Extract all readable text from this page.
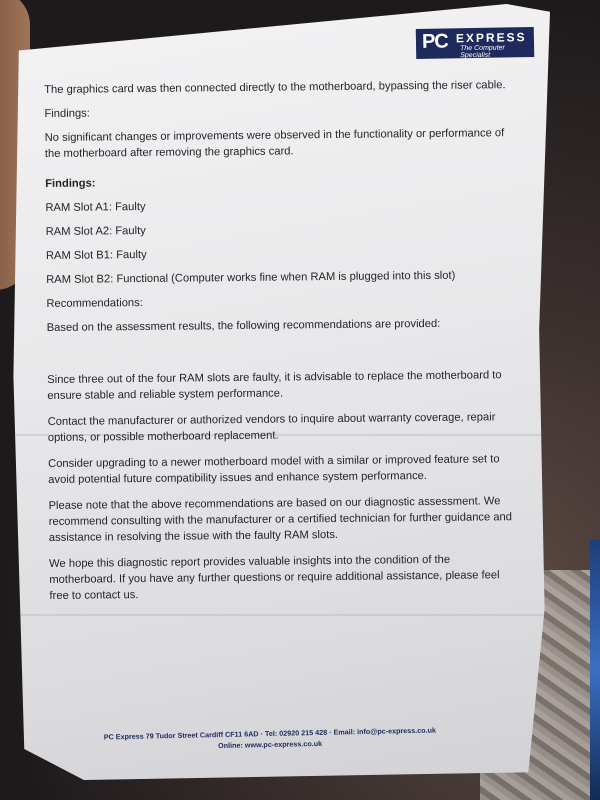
PC EXPRESS
The Computer Specialist

The graphics card was then connected directly to the motherboard, bypassing the riser cable.

Findings:

No significant changes or improvements were observed in the functionality or performance of the motherboard after removing the graphics card.

Findings:

RAM Slot A1: Faulty

RAM Slot A2: Faulty

RAM Slot B1: Faulty

RAM Slot B2: Functional (Computer works fine when RAM is plugged into this slot)

Recommendations:

Based on the assessment results, the following recommendations are provided:

Since three out of the four RAM slots are faulty, it is advisable to replace the motherboard to ensure stable and reliable system performance.

Contact the manufacturer or authorized vendors to inquire about warranty coverage, repair options, or possible motherboard replacement.

Consider upgrading to a newer motherboard model with a similar or improved feature set to avoid potential future compatibility issues and enhance system performance.

Please note that the above recommendations are based on our diagnostic assessment. We recommend consulting with the manufacturer or a certified technician for further guidance and assistance in resolving the issue with the faulty RAM slots.

We hope this diagnostic report provides valuable insights into the condition of the motherboard. If you have any further questions or require additional assistance, please feel free to contact us.

PC Express 79 Tudor Street Cardiff CF11 6AD · Tel: 02920 215 428 · Email: info@pc-express.co.uk
Online: www.pc-express.co.uk
